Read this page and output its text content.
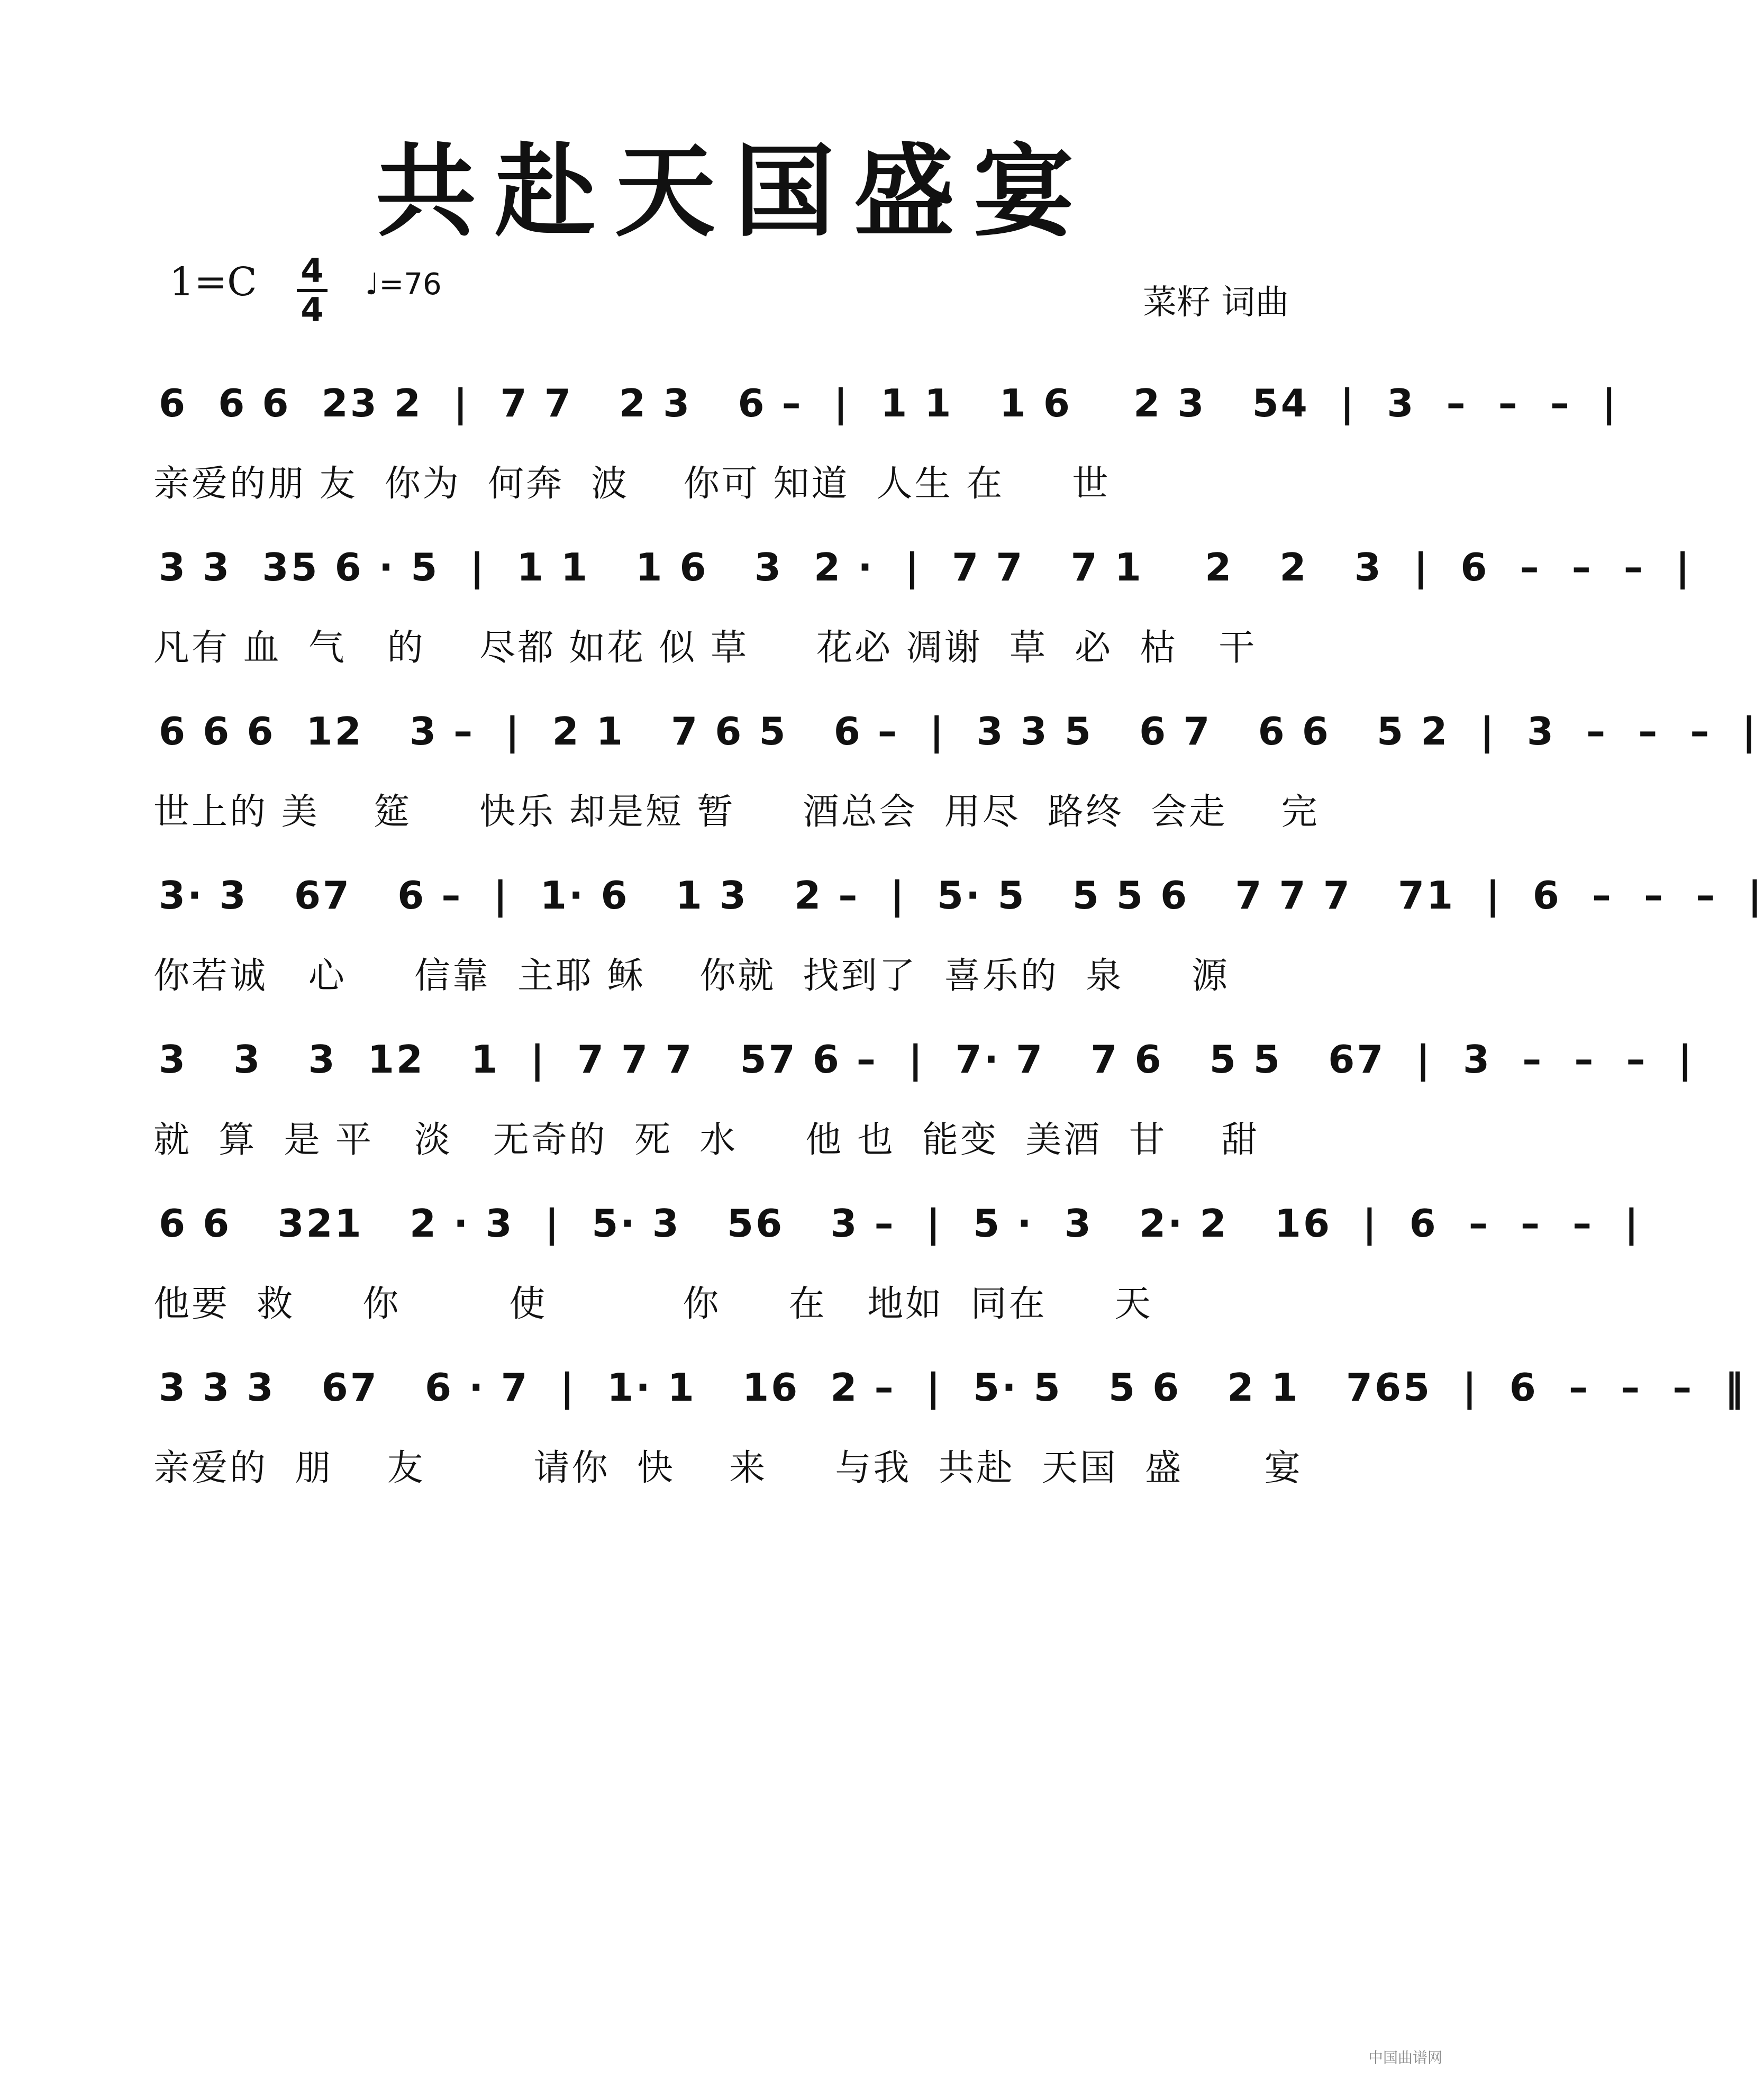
共赴天国盛宴
1=C 4
4
♩=76	菜籽 词曲
6  6 6  23 2  |  7 7   2 3   6 –  |  1 1   1 6    2 3   54  |  3  –  –  –  |
亲爱的朋 友  你为  何奔  波    你可 知道  人生 在     世
3 3  35 6 · 5  |  1 1   1 6   3  2 ·  |  7 7   7 1    2   2   3  |  6  –  –  –  |
凡有 血  气   的    尽都 如花 似 草     花必 凋谢  草  必  枯   干
6 6 6  12   3 –  |  2 1   7 6 5   6 –  |  3 3 5   6 7   6 6   5 2  |  3  –  –  –  |
世上的 美    筵     快乐 却是短 暂     酒总会  用尽  路终  会走    完
3· 3   67   6 –  |  1· 6   1 3   2 –  |  5· 5   5 5 6   7 7 7   71  |  6  –  –  –  |
你若诚   心     信靠  主耶 稣    你就  找到了  喜乐的  泉     源
3   3   3  12   1  |  7 7 7   57 6 –  |  7· 7   7 6   5 5   67  |  3  –  –  –  |
就  算  是 平   淡   无奇的  死  水     他 也  能变  美酒  甘    甜
6 6   321   2 · 3  |  5· 3   56   3 –  |  5 ·  3   2· 2   16  |  6  –  –  –  |
他要  救     你        使          你     在   地如  同在     天
3 3 3   67   6 · 7  |  1· 1   16  2 –  |  5· 5   5 6   2 1   765  |  6  –  –  –  ‖
亲爱的  朋    友        请你  快    来     与我  共赴  天国  盛      宴
中国曲谱网
